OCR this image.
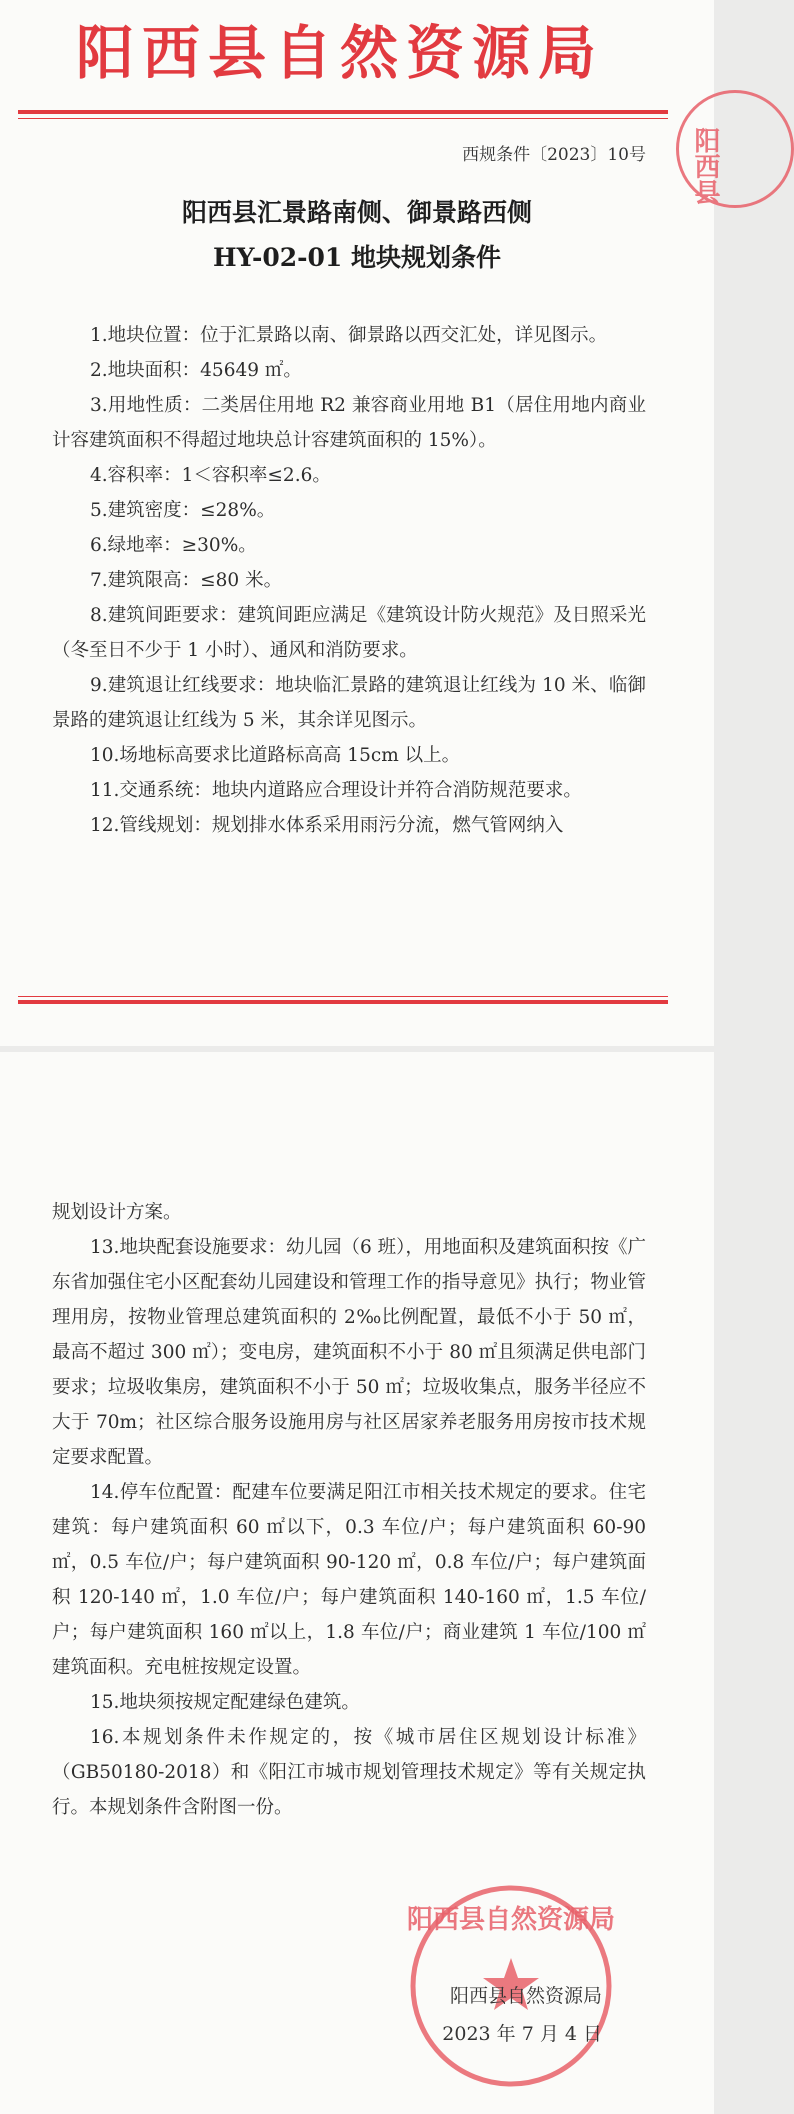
阳西县自然资源局
阳西县
西规条件〔2023〕10号
阳西县汇景路南侧、御景路西侧
HY-02-01 地块规划条件

1.地块位置：位于汇景路以南、御景路以西交汇处，详见图示。

2.地块面积：45649 ㎡。

3.用地性质：二类居住用地 R2 兼容商业用地 B1（居住用地内商业计容建筑面积不得超过地块总计容建筑面积的 15%）。

4.容积率：1＜容积率≤2.6。

5.建筑密度：≤28%。

6.绿地率：≥30%。

7.建筑限高：≤80 米。

8.建筑间距要求：建筑间距应满足《建筑设计防火规范》及日照采光（冬至日不少于 1 小时）、通风和消防要求。

9.建筑退让红线要求：地块临汇景路的建筑退让红线为 10 米、临御景路的建筑退让红线为 5 米，其余详见图示。

10.场地标高要求比道路标高高 15cm 以上。

11.交通系统：地块内道路应合理设计并符合消防规范要求。

12.管线规划：规划排水体系采用雨污分流，燃气管网纳入

规划设计方案。

13.地块配套设施要求：幼儿园（6 班），用地面积及建筑面积按《广东省加强住宅小区配套幼儿园建设和管理工作的指导意见》执行；物业管理用房，按物业管理总建筑面积的 2‰比例配置，最低不小于 50 ㎡，最高不超过 300 ㎡）；变电房，建筑面积不小于 80 ㎡且须满足供电部门要求；垃圾收集房，建筑面积不小于 50 ㎡；垃圾收集点，服务半径应不大于 70m；社区综合服务设施用房与社区居家养老服务用房按市技术规定要求配置。

14.停车位配置：配建车位要满足阳江市相关技术规定的要求。住宅建筑：每户建筑面积 60 ㎡以下，0.3 车位/户；每户建筑面积 60-90 ㎡，0.5 车位/户；每户建筑面积 90-120 ㎡，0.8 车位/户；每户建筑面积 120-140 ㎡，1.0 车位/户；每户建筑面积 140-160 ㎡，1.5 车位/户；每户建筑面积 160 ㎡以上，1.8 车位/户；商业建筑 1 车位/100 ㎡建筑面积。充电桩按规定设置。

15.地块须按规定配建绿色建筑。

16.本规划条件未作规定的，按《城市居住区规划设计标准》（GB50180-2018）和《阳江市城市规划管理技术规定》等有关规定执行。本规划条件含附图一份。

阳西县自然资源局
阳西县自然资源局
2023 年 7 月 4 日
